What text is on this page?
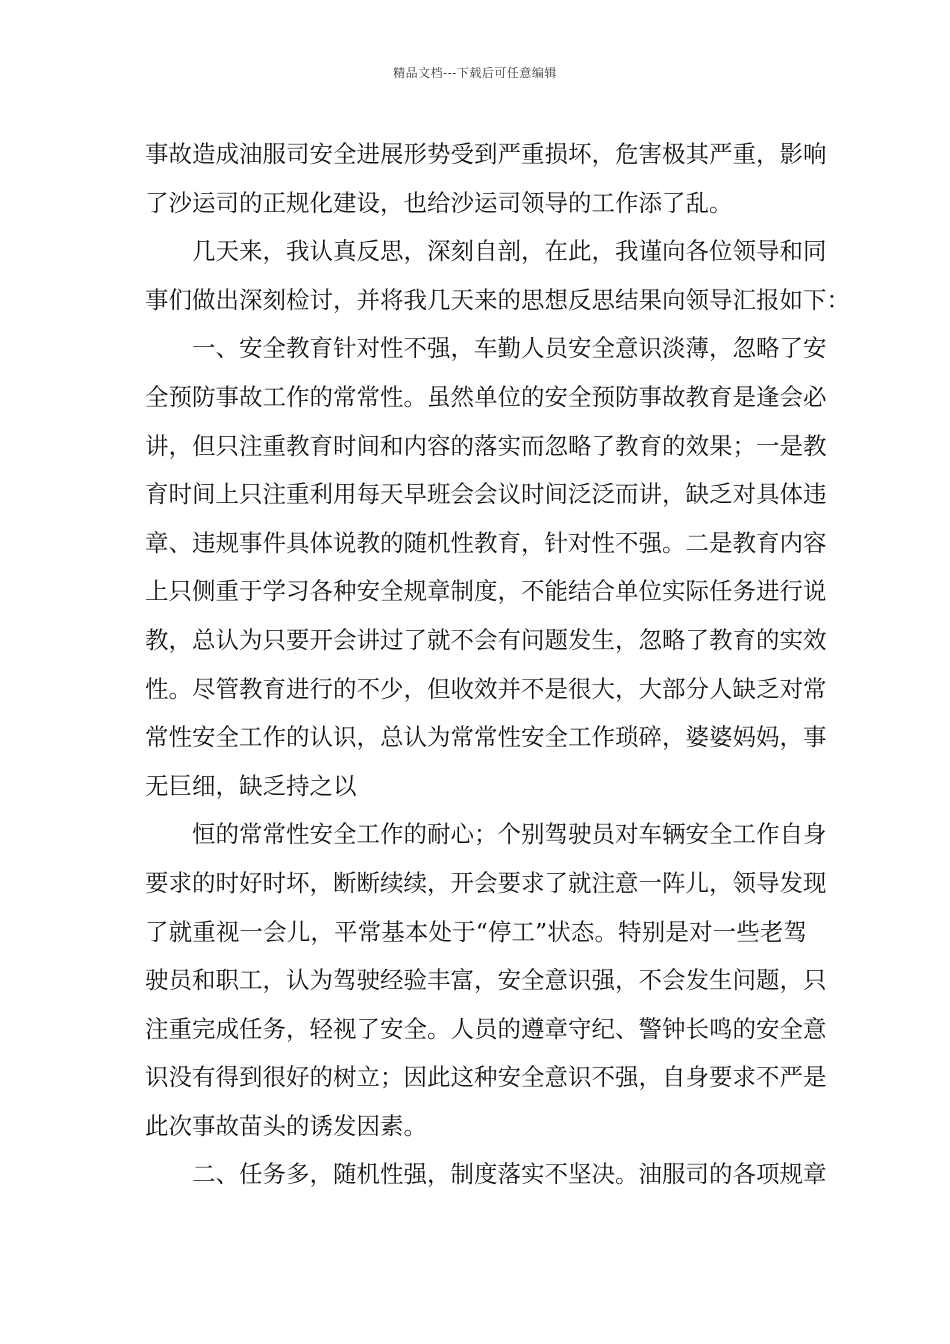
精品文档---下载后可任意编辑
事故造成油服司安全进展形势受到严重损坏，危害极其严重，影响
了沙运司的正规化建设，也给沙运司领导的工作添了乱。
几天来，我认真反思，深刻自剖，在此，我谨向各位领导和同
事们做出深刻检讨，并将我几天来的思想反思结果向领导汇报如下：
一、安全教育针对性不强，车勤人员安全意识淡薄，忽略了安
全预防事故工作的常常性。虽然单位的安全预防事故教育是逢会必
讲，但只注重教育时间和内容的落实而忽略了教育的效果；一是教
育时间上只注重利用每天早班会会议时间泛泛而讲，缺乏对具体违
章、违规事件具体说教的随机性教育，针对性不强。二是教育内容
上只侧重于学习各种安全规章制度，不能结合单位实际任务进行说
教，总认为只要开会讲过了就不会有问题发生，忽略了教育的实效
性。尽管教育进行的不少，但收效并不是很大，大部分人缺乏对常
常性安全工作的认识，总认为常常性安全工作琐碎，婆婆妈妈，事
无巨细，缺乏持之以
恒的常常性安全工作的耐心；个别驾驶员对车辆安全工作自身
要求的时好时坏，断断续续，开会要求了就注意一阵儿，领导发现
了就重视一会儿，平常基本处于“停工”状态。特别是对一些老驾
驶员和职工，认为驾驶经验丰富，安全意识强，不会发生问题，只
注重完成任务，轻视了安全。人员的遵章守纪、警钟长鸣的安全意
识没有得到很好的树立；因此这种安全意识不强，自身要求不严是
此次事故苗头的诱发因素。
二、任务多，随机性强，制度落实不坚决。油服司的各项规章
